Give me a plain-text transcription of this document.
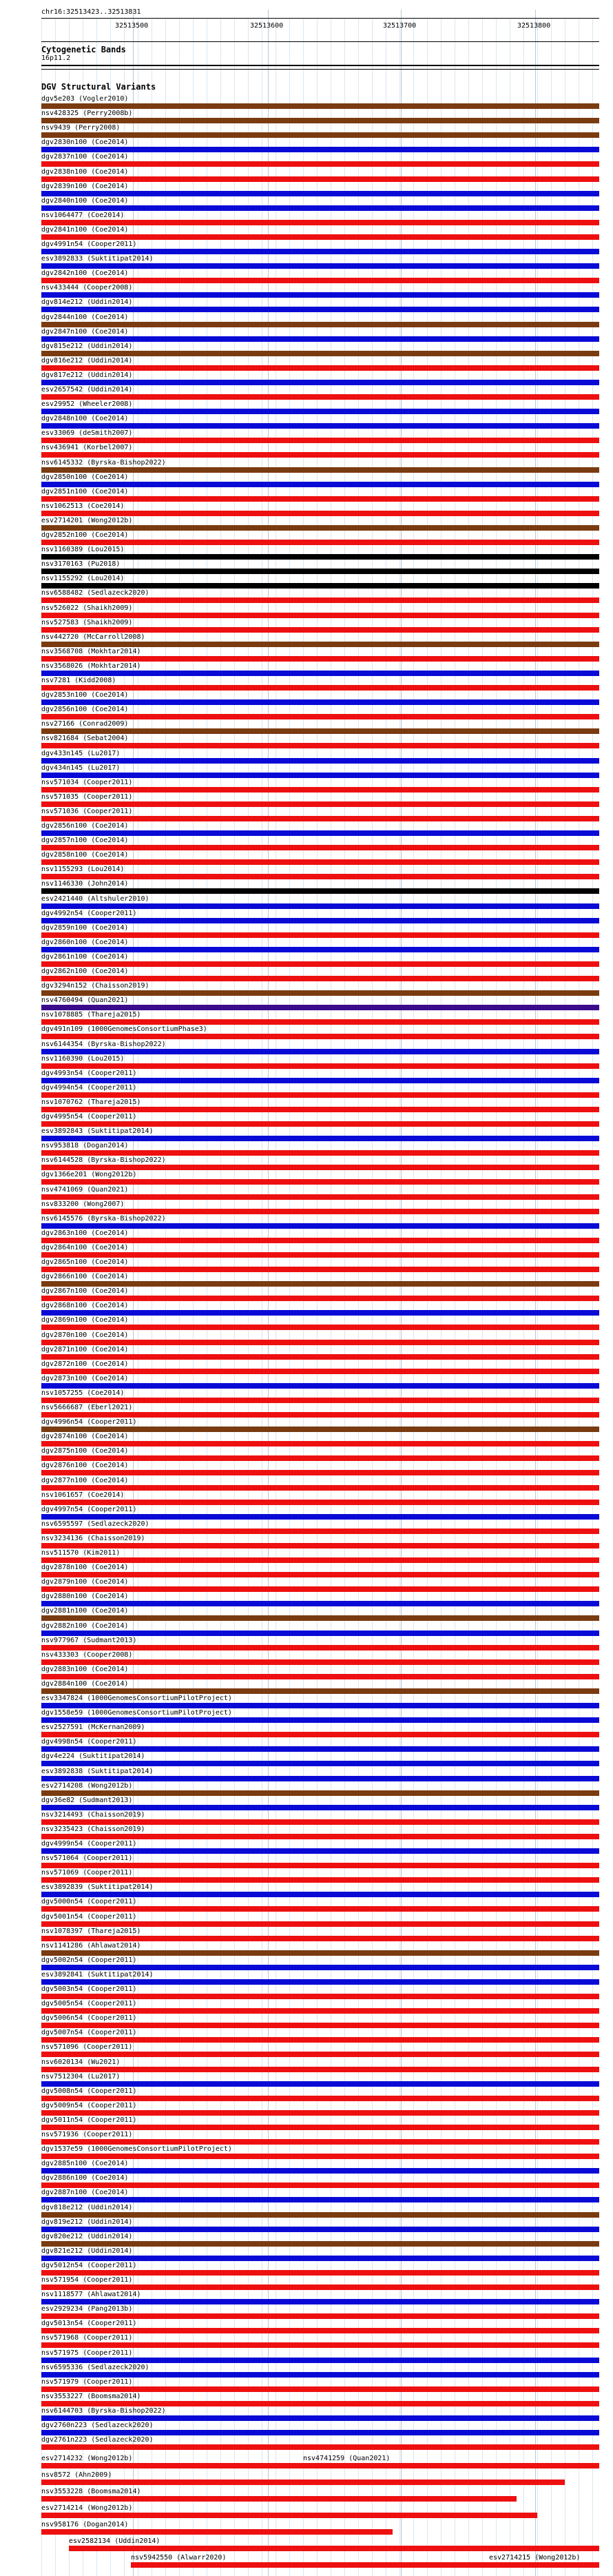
chr16:32513423..32513831
32513500	32513600	32513700	32513800
Cytogenetic Bands
16p11.2
DGV Structural Variants
dgv5e203 (Vogler2010)
nsv428325 (Perry2008b)
nsv9439 (Perry2008)
dgv2830n100 (Coe2014)
dgv2837n100 (Coe2014)
dgv2838n100 (Coe2014)
dgv2839n100 (Coe2014)
dgv2840n100 (Coe2014)
nsv1064477 (Coe2014)
dgv2841n100 (Coe2014)
dgv4991n54 (Cooper2011)
esv3892833 (Suktitipat2014)
dgv2842n100 (Coe2014)
nsv433444 (Cooper2008)
dgv814e212 (Uddin2014)
dgv2844n100 (Coe2014)
dgv2847n100 (Coe2014)
dgv815e212 (Uddin2014)
dgv816e212 (Uddin2014)
dgv817e212 (Uddin2014)
esv2657542 (Uddin2014)
esv29952 (Wheeler2008)
dgv2848n100 (Coe2014)
esv33069 (deSmith2007)
nsv436941 (Korbel2007)
nsv6145332 (Byrska-Bishop2022)
dgv2850n100 (Coe2014)
dgv2851n100 (Coe2014)
nsv1062513 (Coe2014)
esv2714201 (Wong2012b)
dgv2852n100 (Coe2014)
nsv1160389 (Lou2015)
nsv3170163 (Pu2018)
nsv1155292 (Lou2014)
nsv6588482 (Sedlazeck2020)
nsv526022 (Shaikh2009)
nsv527583 (Shaikh2009)
nsv442720 (McCarroll2008)
nsv3568708 (Mokhtar2014)
nsv3568026 (Mokhtar2014)
nsv7281 (Kidd2008)
dgv2853n100 (Coe2014)
dgv2856n100 (Coe2014)
nsv27166 (Conrad2009)
nsv821684 (Sebat2004)
dgv433n145 (Lu2017)
dgv434n145 (Lu2017)
nsv571034 (Cooper2011)
nsv571035 (Cooper2011)
nsv571036 (Cooper2011)
dgv2856n100 (Coe2014)
dgv2857n100 (Coe2014)
dgv2858n100 (Coe2014)
nsv1155293 (Lou2014)
nsv1146330 (John2014)
esv2421440 (Altshuler2010)
dgv4992n54 (Cooper2011)
dgv2859n100 (Coe2014)
dgv2860n100 (Coe2014)
dgv2861n100 (Coe2014)
dgv2862n100 (Coe2014)
dgv3294n152 (Chaisson2019)
nsv4760494 (Quan2021)
nsv1078885 (Thareja2015)
dgv491n109 (1000GenomesConsortiumPhase3)
nsv6144354 (Byrska-Bishop2022)
nsv1160390 (Lou2015)
dgv4993n54 (Cooper2011)
dgv4994n54 (Cooper2011)
nsv1070762 (Thareja2015)
dgv4995n54 (Cooper2011)
esv3892843 (Suktitipat2014)
nsv953818 (Dogan2014)
nsv6144528 (Byrska-Bishop2022)
dgv1366e201 (Wong2012b)
nsv4741069 (Quan2021)
nsv833200 (Wong2007)
nsv6145576 (Byrska-Bishop2022)
dgv2863n100 (Coe2014)
dgv2864n100 (Coe2014)
dgv2865n100 (Coe2014)
dgv2866n100 (Coe2014)
dgv2867n100 (Coe2014)
dgv2868n100 (Coe2014)
dgv2869n100 (Coe2014)
dgv2870n100 (Coe2014)
dgv2871n100 (Coe2014)
dgv2872n100 (Coe2014)
dgv2873n100 (Coe2014)
nsv1057255 (Coe2014)
nsv5666687 (Eberl2021)
dgv4996n54 (Cooper2011)
dgv2874n100 (Coe2014)
dgv2875n100 (Coe2014)
dgv2876n100 (Coe2014)
dgv2877n100 (Coe2014)
nsv1061657 (Coe2014)
dgv4997n54 (Cooper2011)
nsv6595597 (Sedlazeck2020)
nsv3234136 (Chaisson2019)
nsv511570 (Kim2011)
dgv2878n100 (Coe2014)
dgv2879n100 (Coe2014)
dgv2880n100 (Coe2014)
dgv2881n100 (Coe2014)
dgv2882n100 (Coe2014)
nsv977967 (Sudmant2013)
nsv433303 (Cooper2008)
dgv2883n100 (Coe2014)
dgv2884n100 (Coe2014)
esv3347824 (1000GenomesConsortiumPilotProject)
dgv1558e59 (1000GenomesConsortiumPilotProject)
esv2527591 (McKernan2009)
dgv4998n54 (Cooper2011)
dgv4e224 (Suktitipat2014)
esv3892838 (Suktitipat2014)
esv2714208 (Wong2012b)
dgv36e82 (Sudmant2013)
nsv3214493 (Chaisson2019)
nsv3235423 (Chaisson2019)
dgv4999n54 (Cooper2011)
nsv571064 (Cooper2011)
nsv571069 (Cooper2011)
esv3892839 (Suktitipat2014)
dgv5000n54 (Cooper2011)
dgv5001n54 (Cooper2011)
nsv1078397 (Thareja2015)
nsv1141286 (Ahlawat2014)
dgv5002n54 (Cooper2011)
esv3892841 (Suktitipat2014)
dgv5003n54 (Cooper2011)
dgv5005n54 (Cooper2011)
dgv5006n54 (Cooper2011)
dgv5007n54 (Cooper2011)
nsv571096 (Cooper2011)
nsv6020134 (Wu2021)
nsv7512304 (Lu2017)
dgv5008n54 (Cooper2011)
dgv5009n54 (Cooper2011)
dgv5011n54 (Cooper2011)
nsv571936 (Cooper2011)
dgv1537e59 (1000GenomesConsortiumPilotProject)
dgv2885n100 (Coe2014)
dgv2886n100 (Coe2014)
dgv2887n100 (Coe2014)
dgv818e212 (Uddin2014)
dgv819e212 (Uddin2014)
dgv820e212 (Uddin2014)
dgv821e212 (Uddin2014)
dgv5012n54 (Cooper2011)
nsv571954 (Cooper2011)
nsv1118577 (Ahlawat2014)
esv2929234 (Pang2013b)
dgv5013n54 (Cooper2011)
nsv571968 (Cooper2011)
nsv571975 (Cooper2011)
nsv6595336 (Sedlazeck2020)
nsv571979 (Cooper2011)
nsv3553227 (Boomsma2014)
nsv6144703 (Byrska-Bishop2022)
dgv2760n223 (Sedlazeck2020)
dgv2761n223 (Sedlazeck2020)
esv2714232 (Wong2012b)	nsv4741259 (Quan2021)
nsv8572 (Ahn2009)
nsv3553228 (Boomsma2014)
esv2714214 (Wong2012b)
nsv958176 (Dogan2014)
esv2582134 (Uddin2014)
nsv5942550 (Alwarr2020)	esv2714215 (Wong2012b)
